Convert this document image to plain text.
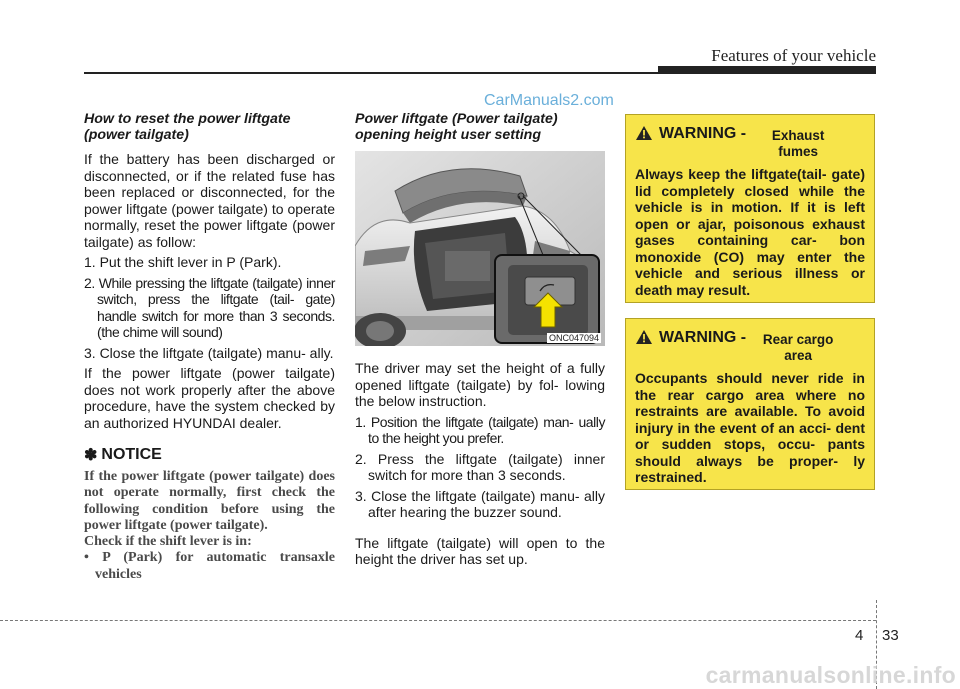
Features of your vehicle
CarManuals2.com
How to reset the power liftgate (power tailgate)
If the battery has been discharged or disconnected, or if the related fuse has been replaced or disconnected, for the power liftgate (power tailgate) to operate normally, reset the power liftgate (power tailgate) as follow:
1. Put the shift lever in P (Park).
2. While pressing the liftgate (tailgate) inner switch, press the liftgate (tail- gate) handle switch for more than 3 seconds. (the chime will sound)
3. Close the liftgate (tailgate) manu- ally.
If the power liftgate (power tailgate) does not work properly after the above procedure, have the system checked by an authorized HYUNDAI dealer.
✽ NOTICE
If the power liftgate (power tailgate) does not operate normally, first check the following condition before using the power liftgate (power tailgate).
Check if the shift lever is in:
• P (Park) for automatic transaxle vehicles
Power liftgate (Power tailgate) opening height user setting
ONC047094
The driver may set the height of a fully opened liftgate (tailgate) by fol- lowing the below instruction.
1. Position the liftgate (tailgate) man- ually to the height you prefer.
2. Press the liftgate (tailgate) inner switch for more than 3 seconds.
3. Close the liftgate (tailgate) manu- ally after hearing the buzzer sound.
The liftgate (tailgate) will open to the height the driver has set up.
WARNING -	Exhaust fumes
Always keep the liftgate(tail- gate) lid completely closed while the vehicle is in motion. If it is left open or ajar, poisonous exhaust gases containing car- bon monoxide (CO) may enter the vehicle and serious illness or death may result.
WARNING -	Rear cargo area
Occupants should never ride in the rear cargo area where no restraints are available. To avoid injury in the event of an acci- dent or sudden stops, occu- pants should always be proper- ly restrained.
4 33
carmanualsonline.info
